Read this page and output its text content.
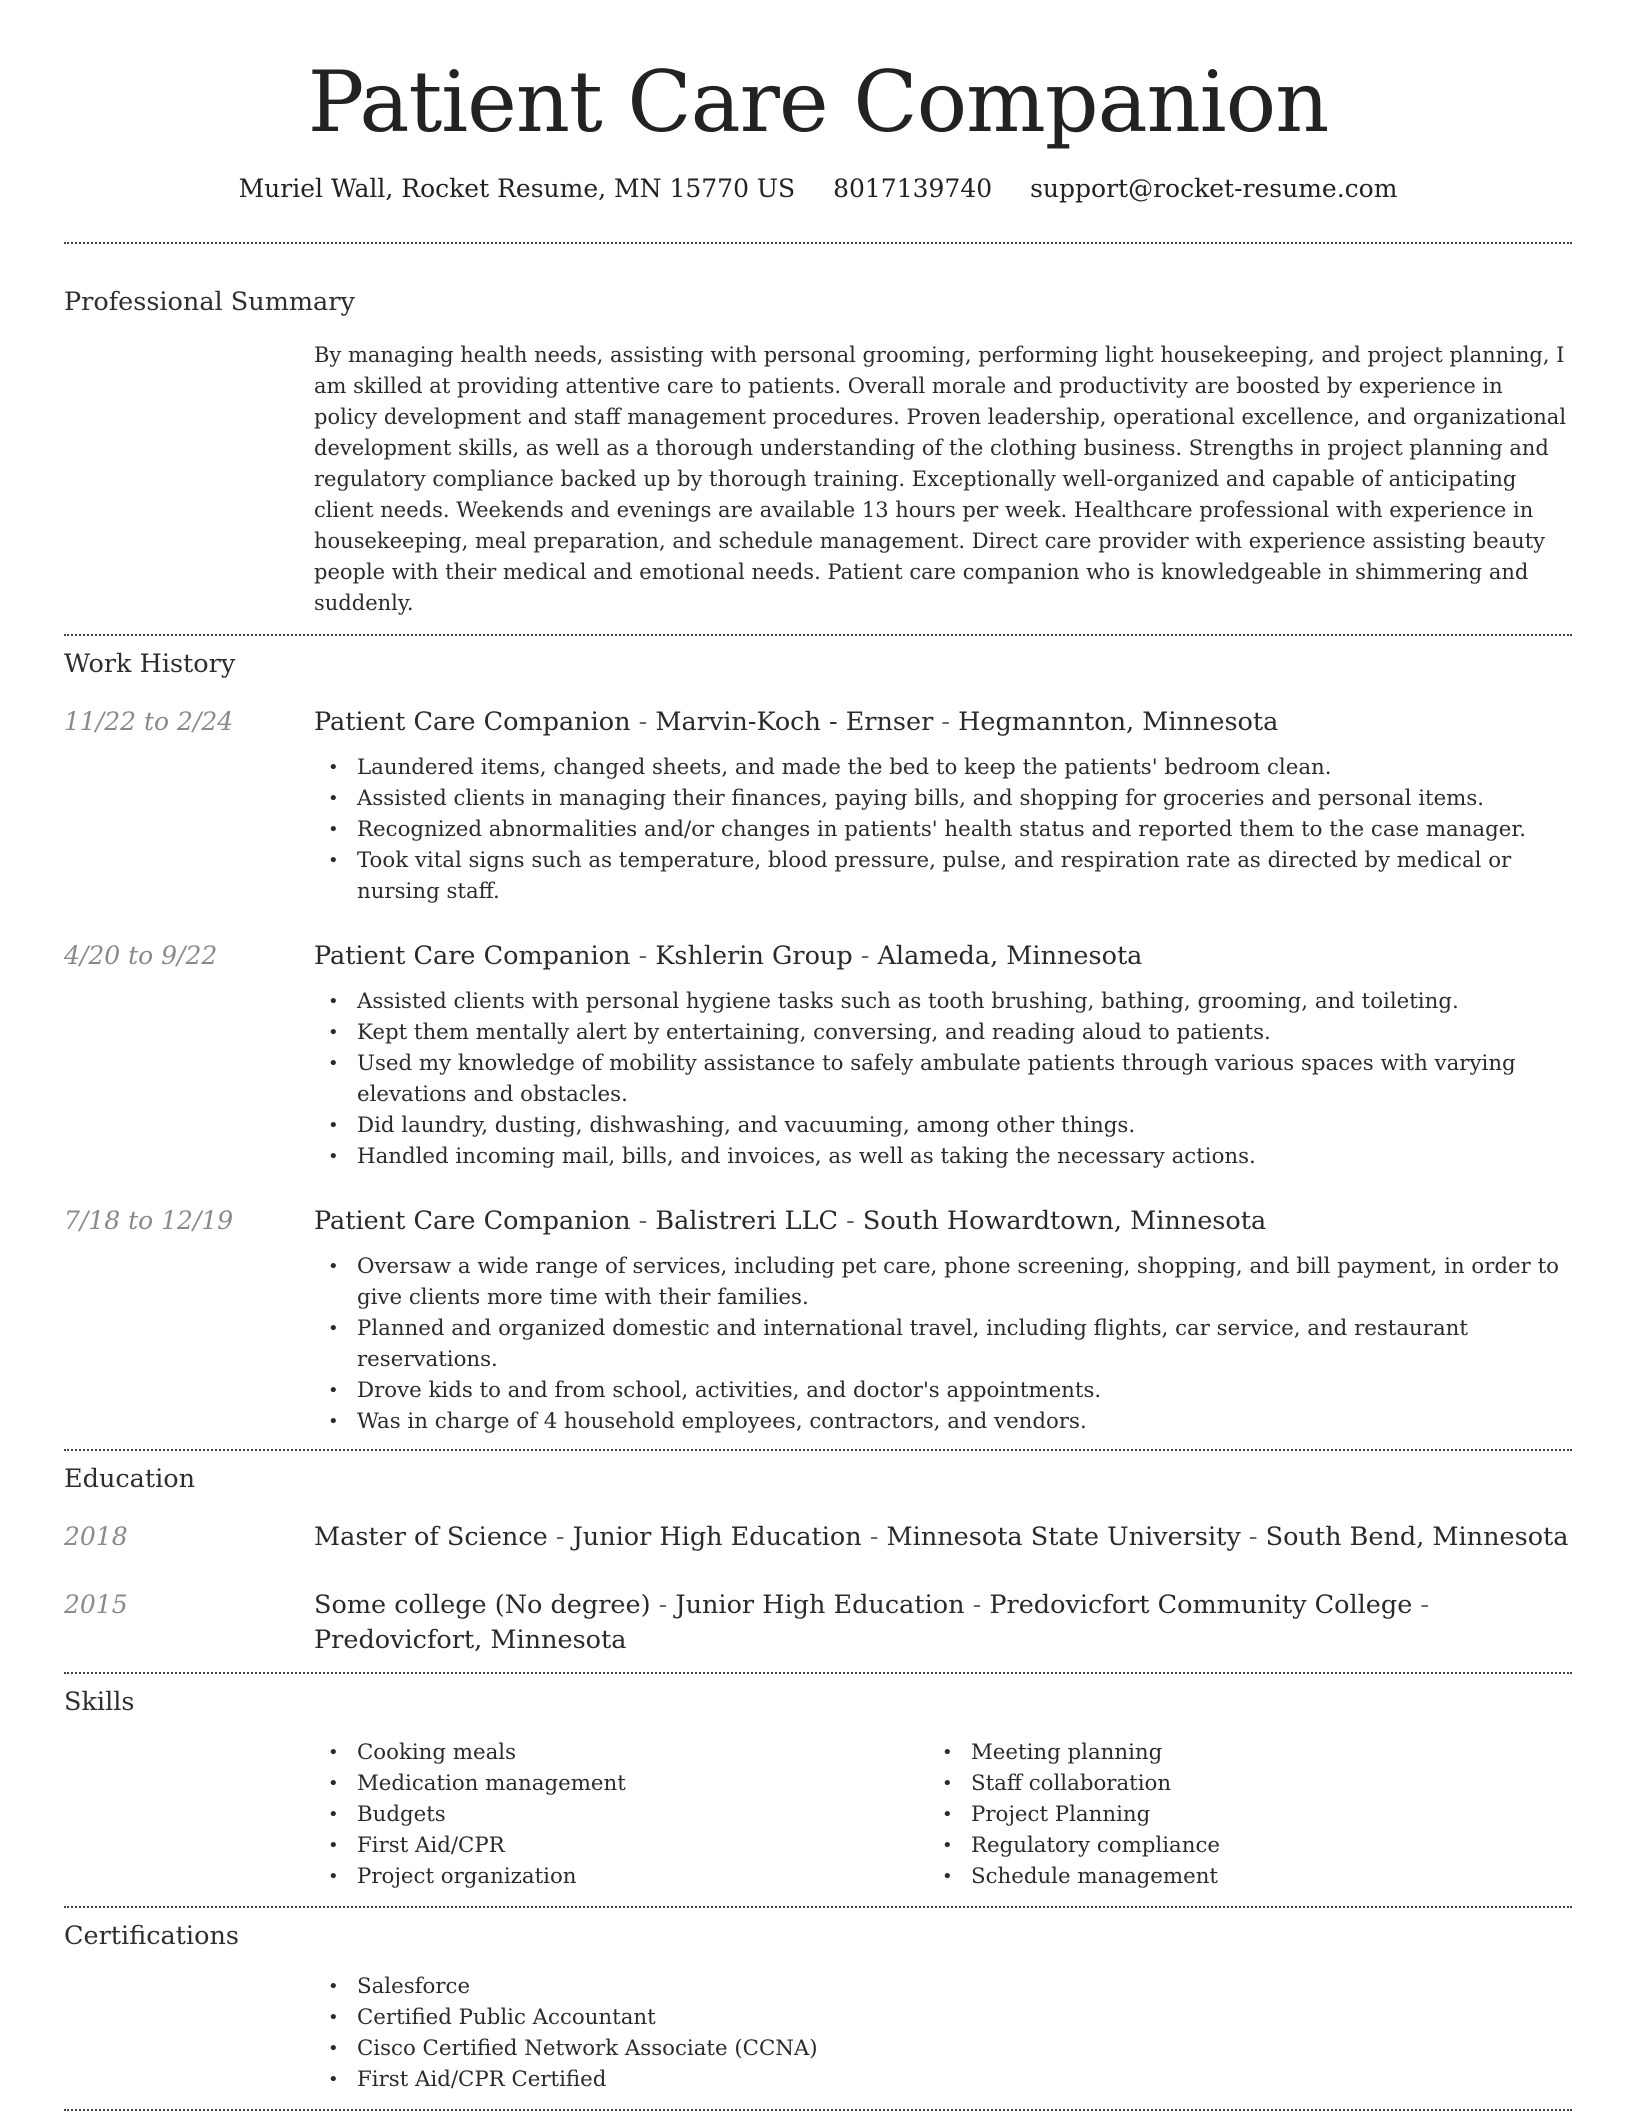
Patient Care Companion
Muriel Wall, Rocket Resume, MN 15770 US 8017139740 support@rocket-resume.com
Professional Summary
By managing health needs, assisting with personal grooming, performing light housekeeping, and project planning, I am skilled at providing attentive care to patients. Overall morale and productivity are boosted by experience in policy development and staff management procedures. Proven leadership, operational excellence, and organizational development skills, as well as a thorough understanding of the clothing business. Strengths in project planning and regulatory compliance backed up by thorough training. Exceptionally well-organized and capable of anticipating client needs. Weekends and evenings are available 13 hours per week. Healthcare professional with experience in housekeeping, meal preparation, and schedule management. Direct care provider with experience assisting beauty people with their medical and emotional needs. Patient care companion who is knowledgeable in shimmering and suddenly.
Work History
11/22 to 2/24	Patient Care Companion - Marvin-Koch - Ernser - Hegmannton, Minnesota
• Laundered items, changed sheets, and made the bed to keep the patients' bedroom clean.
• Assisted clients in managing their finances, paying bills, and shopping for groceries and personal items.
• Recognized abnormalities and/or changes in patients' health status and reported them to the case manager.
• Took vital signs such as temperature, blood pressure, pulse, and respiration rate as directed by medical or nursing staff.
4/20 to 9/22	Patient Care Companion - Kshlerin Group - Alameda, Minnesota
• Assisted clients with personal hygiene tasks such as tooth brushing, bathing, grooming, and toileting.
• Kept them mentally alert by entertaining, conversing, and reading aloud to patients.
• Used my knowledge of mobility assistance to safely ambulate patients through various spaces with varying elevations and obstacles.
• Did laundry, dusting, dishwashing, and vacuuming, among other things.
• Handled incoming mail, bills, and invoices, as well as taking the necessary actions.
7/18 to 12/19	Patient Care Companion - Balistreri LLC - South Howardtown, Minnesota
• Oversaw a wide range of services, including pet care, phone screening, shopping, and bill payment, in order to give clients more time with their families.
• Planned and organized domestic and international travel, including flights, car service, and restaurant reservations.
• Drove kids to and from school, activities, and doctor's appointments.
• Was in charge of 4 household employees, contractors, and vendors.
Education
2018	Master of Science - Junior High Education - Minnesota State University - South Bend, Minnesota
2015	Some college (No degree) - Junior High Education - Predovicfort Community College - Predovicfort, Minnesota
Skills
• Cooking meals
• Medication management
• Budgets
• First Aid/CPR
• Project organization
• Meeting planning
• Staff collaboration
• Project Planning
• Regulatory compliance
• Schedule management
Certifications
• Salesforce
• Certified Public Accountant
• Cisco Certified Network Associate (CCNA)
• First Aid/CPR Certified
